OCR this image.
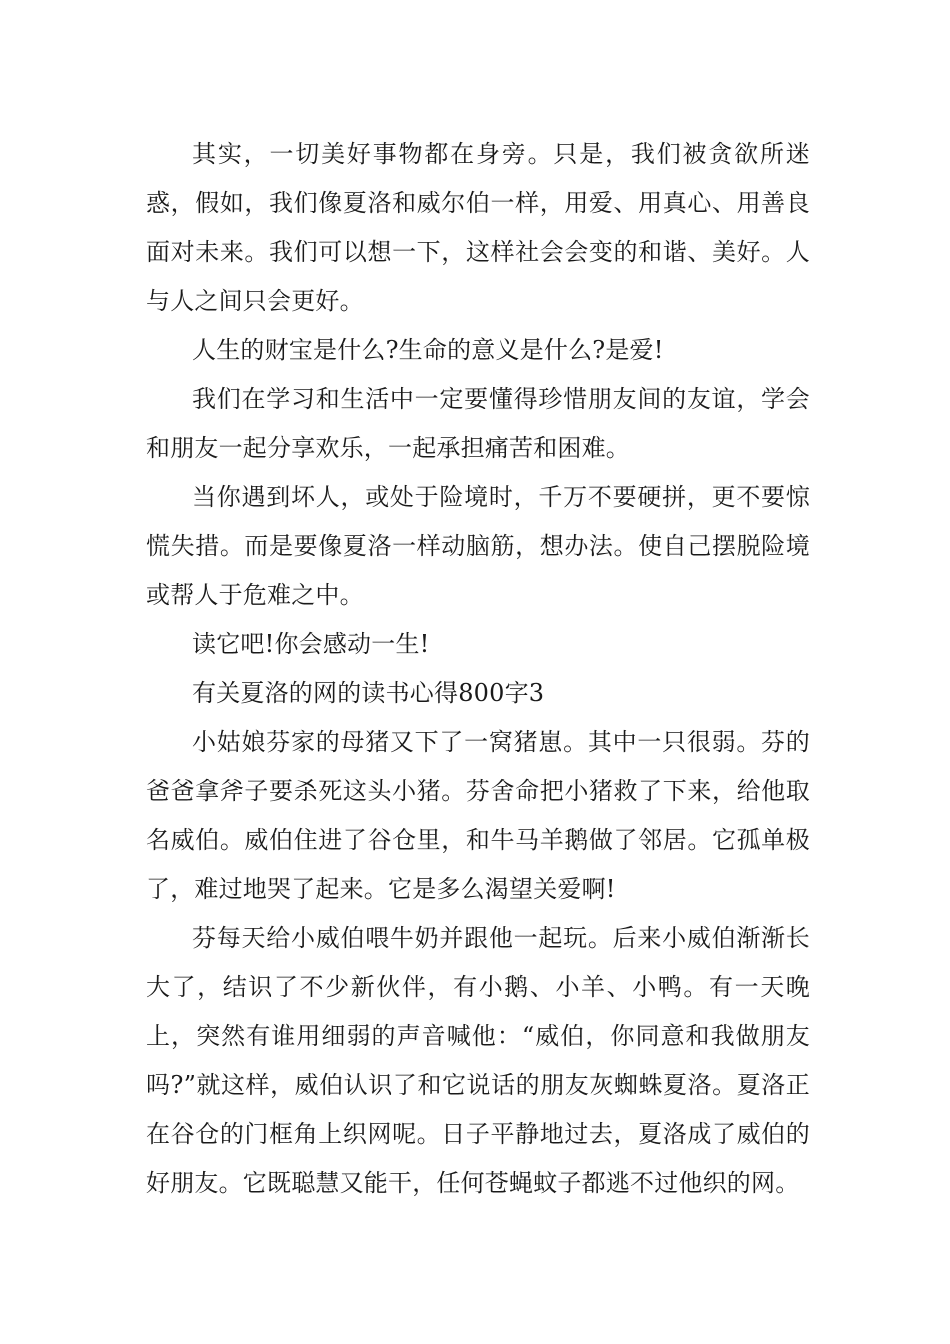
其实，一切美好事物都在身旁。只是，我们被贪欲所迷惑，假如，我们像夏洛和威尔伯一样，用爱、用真心、用善良面对未来。我们可以想一下，这样社会会变的和谐、美好。人与人之间只会更好。

人生的财宝是什么?生命的意义是什么?是爱!

我们在学习和生活中一定要懂得珍惜朋友间的友谊，学会和朋友一起分享欢乐，一起承担痛苦和困难。

当你遇到坏人，或处于险境时，千万不要硬拼，更不要惊慌失措。而是要像夏洛一样动脑筋，想办法。使自己摆脱险境或帮人于危难之中。

读它吧!你会感动一生!

有关夏洛的网的读书心得800字3

小姑娘芬家的母猪又下了一窝猪崽。其中一只很弱。芬的爸爸拿斧子要杀死这头小猪。芬舍命把小猪救了下来，给他取名威伯。威伯住进了谷仓里，和牛马羊鹅做了邻居。它孤单极了，难过地哭了起来。它是多么渴望关爱啊!

芬每天给小威伯喂牛奶并跟他一起玩。后来小威伯渐渐长大了，结识了不少新伙伴，有小鹅、小羊、小鸭。有一天晚上，突然有谁用细弱的声音喊他：“威伯，你同意和我做朋友吗?”就这样，威伯认识了和它说话的朋友灰蜘蛛夏洛。夏洛正在谷仓的门框角上织网呢。日子平静地过去，夏洛成了威伯的好朋友。它既聪慧又能干，任何苍蝇蚊子都逃不过他织的网。
